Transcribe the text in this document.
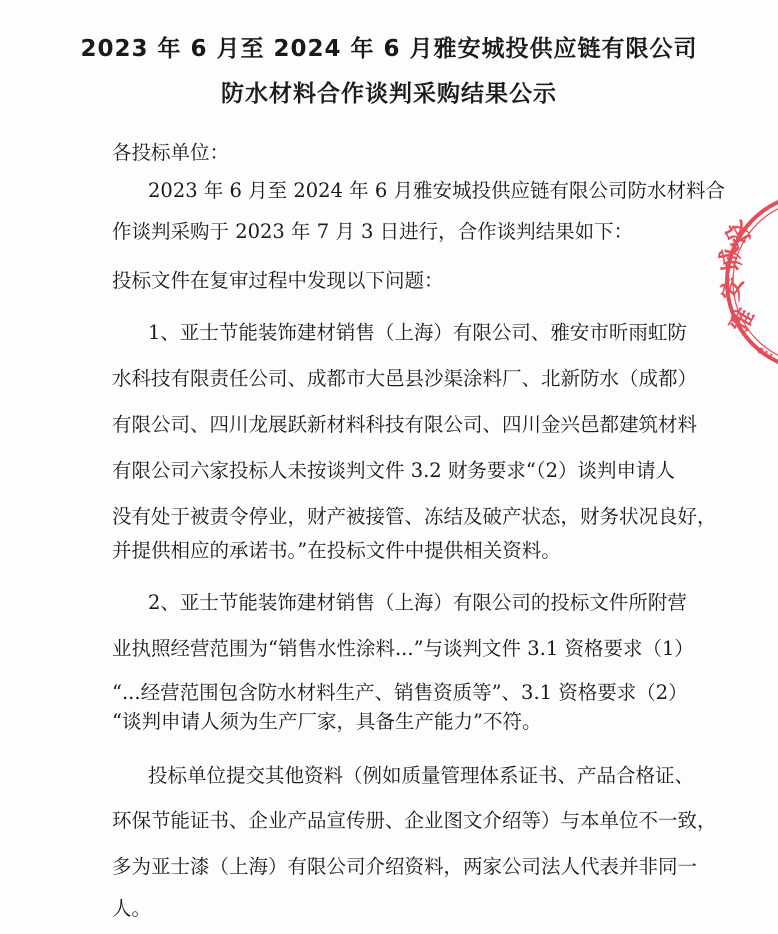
2023 年 6 月至 2024 年 6 月雅安城投供应链有限公司
防水材料合作谈判采购结果公示
各投标单位：
2023 年 6 月至 2024 年 6 月雅安城投供应链有限公司防水材料合
作谈判采购于 2023 年 7 月 3 日进行，合作谈判结果如下：
投标文件在复审过程中发现以下问题：
1、亚士节能装饰建材销售（上海）有限公司、雅安市昕雨虹防
水科技有限责任公司、成都市大邑县沙渠涂料厂、北新防水（成都）
有限公司、四川龙展跃新材料科技有限公司、四川金兴邑都建筑材料
有限公司六家投标人未按谈判文件 3.2 财务要求“（2）谈判申请人
没有处于被责令停业，财产被接管、冻结及破产状态，财务状况良好，
并提供相应的承诺书。”在投标文件中提供相关资料。
2、亚士节能装饰建材销售（上海）有限公司的投标文件所附营
业执照经营范围为“销售水性涂料...”与谈判文件 3.1 资格要求（1）
“...经营范围包含防水材料生产、销售资质等”、3.1 资格要求（2）
“谈判申请人须为生产厂家，具备生产能力”不符。
投标单位提交其他资料（例如质量管理体系证书、产品合格证、
环保节能证书、企业产品宣传册、企业图文介绍等）与本单位不一致，
多为亚士漆（上海）有限公司介绍资料，两家公司法人代表并非同一
人。
雅
安
城
投
511
